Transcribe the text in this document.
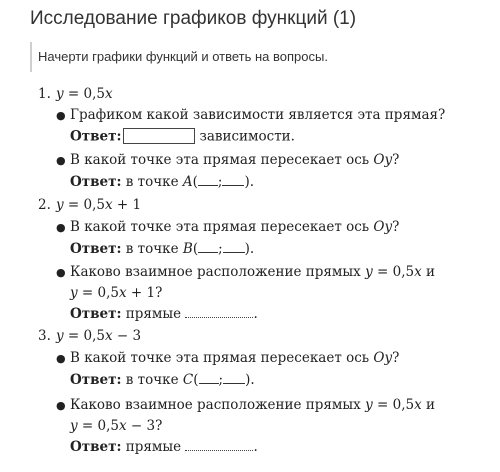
Исследование графиков функций (1)
Начерти графики функций и ответь на вопросы.
1. y = 0,5x
● Графиком какой зависимости является эта прямая?
Ответ:	зависимости.
● В какой точке эта прямая пересекает ось Oy?
Ответ: в точке A( ; ).
2. y = 0,5x + 1
● В какой точке эта прямая пересекает ось Oy?
Ответ: в точке B( ; ).
● Каково взаимное расположение прямых y = 0,5x и
y = 0,5x + 1?
Ответ: прямые	.
3. y = 0,5x − 3
● В какой точке эта прямая пересекает ось Oy?
Ответ: в точке C( ; ).
● Каково взаимное расположение прямых y = 0,5x и
y = 0,5x − 3?
Ответ: прямые	.
